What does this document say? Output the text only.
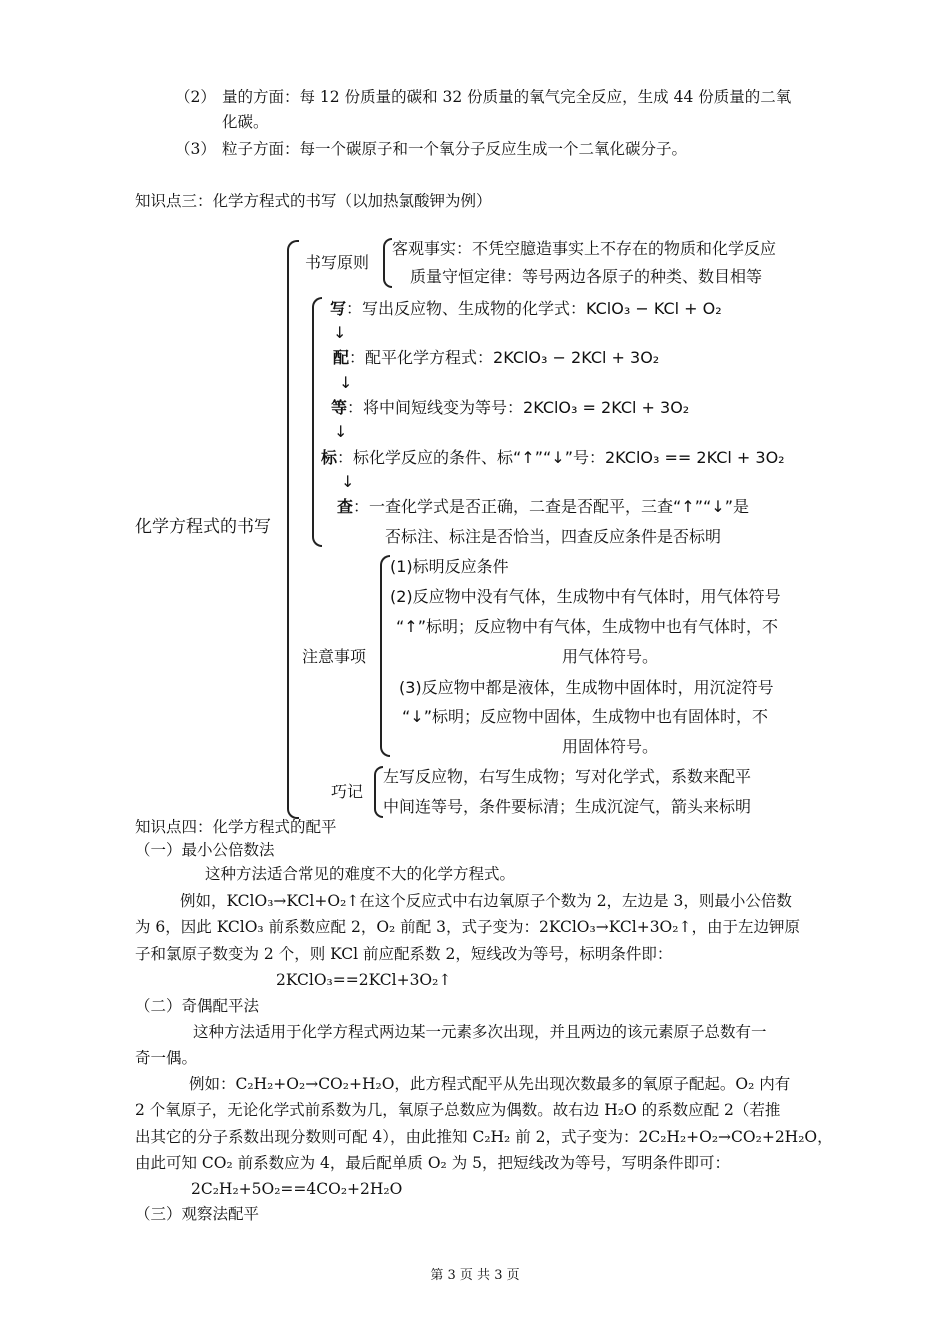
（2） 量的方面：每 12 份质量的碳和 32 份质量的氧气完全反应，生成 44 份质量的二氧
化碳。
（3） 粒子方面：每一个碳原子和一个氧分子反应生成一个二氧化碳分子。
知识点三：化学方程式的书写（以加热氯酸钾为例）
化学方程式的书写
书写原则
客观事实：不凭空臆造事实上不存在的物质和化学反应
质量守恒定律：等号两边各原子的种类、数目相等
写：写出反应物、生成物的化学式：KClO₃ − KCl + O₂
↓
配：配平化学方程式：2KClO₃ − 2KCl + 3O₂
↓
等：将中间短线变为等号：2KClO₃ = 2KCl + 3O₂
↓
标：标化学反应的条件、标“↑”“↓”号：2KClO₃ == 2KCl + 3O₂
↓
查：一查化学式是否正确，二查是否配平，三查“↑”“↓”是
否标注、标注是否恰当，四查反应条件是否标明
注意事项
(1)标明反应条件
(2)反应物中没有气体，生成物中有气体时，用气体符号
“↑”标明；反应物中有气体，生成物中也有气体时，不
用气体符号。
(3)反应物中都是液体，生成物中固体时，用沉淀符号
“↓”标明；反应物中固体，生成物中也有固体时，不
用固体符号。
巧记
左写反应物，右写生成物；写对化学式，系数来配平
中间连等号，条件要标清；生成沉淀气，箭头来标明
知识点四：化学方程式的配平
（一）最小公倍数法
这种方法适合常见的难度不大的化学方程式。
例如，KClO₃→KCl+O₂↑在这个反应式中右边氧原子个数为 2，左边是 3，则最小公倍数
为 6，因此 KClO₃ 前系数应配 2，O₂ 前配 3，式子变为：2KClO₃→KCl+3O₂↑，由于左边钾原
子和氯原子数变为 2 个，则 KCl 前应配系数 2，短线改为等号，标明条件即：
2KClO₃==2KCl+3O₂↑
（二）奇偶配平法
这种方法适用于化学方程式两边某一元素多次出现，并且两边的该元素原子总数有一
奇一偶。
例如：C₂H₂+O₂→CO₂+H₂O，此方程式配平从先出现次数最多的氧原子配起。O₂ 内有
2 个氧原子，无论化学式前系数为几，氧原子总数应为偶数。故右边 H₂O 的系数应配 2（若推
出其它的分子系数出现分数则可配 4），由此推知 C₂H₂ 前 2，式子变为：2C₂H₂+O₂→CO₂+2H₂O，
由此可知 CO₂ 前系数应为 4，最后配单质 O₂ 为 5，把短线改为等号，写明条件即可：
2C₂H₂+5O₂==4CO₂+2H₂O
（三）观察法配平
第 3 页 共 3 页
